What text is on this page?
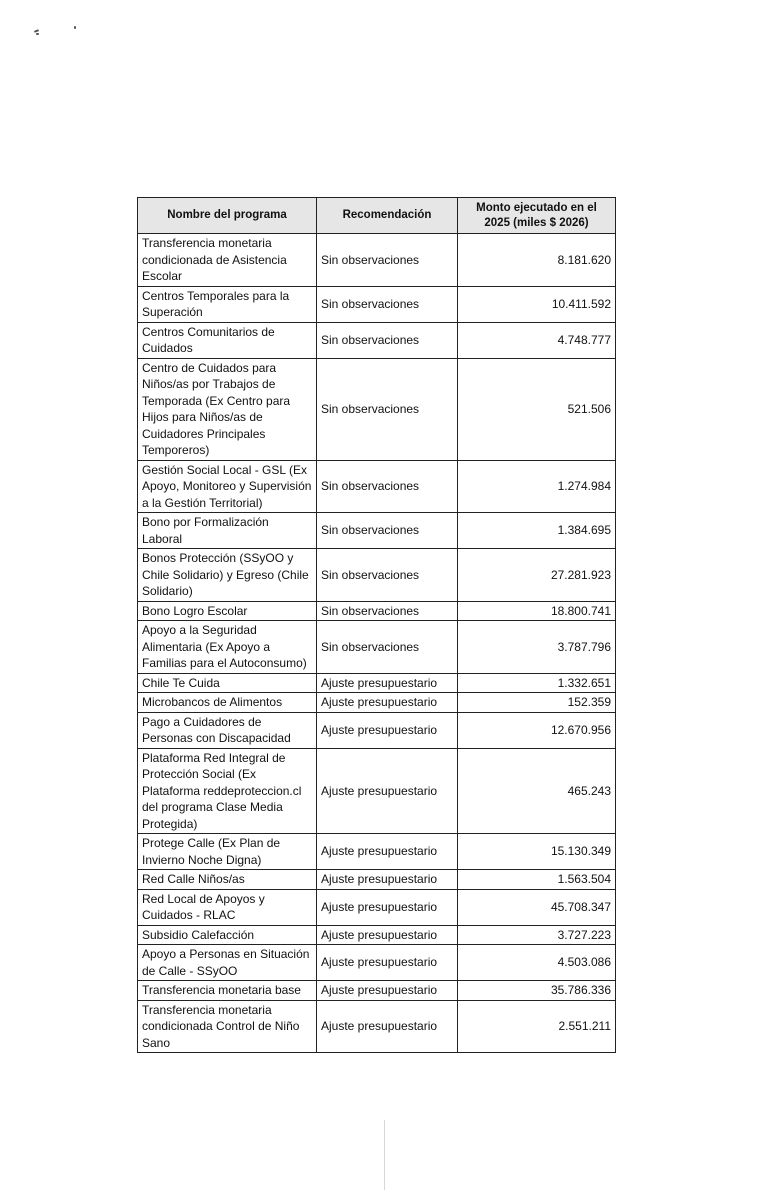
Nombre del programa	Recomendación	Monto ejecutado en el 2025 (miles $ 2026)
Transferencia monetaria condicionada de Asistencia Escolar	Sin observaciones	8.181.620
Centros Temporales para la Superación	Sin observaciones	10.411.592
Centros Comunitarios de Cuidados	Sin observaciones	4.748.777
Centro de Cuidados para Niños/as por Trabajos de Temporada (Ex Centro para Hijos para Niños/as de Cuidadores Principales Temporeros)	Sin observaciones	521.506
Gestión Social Local - GSL (Ex Apoyo, Monitoreo y Supervisión a la Gestión Territorial)	Sin observaciones	1.274.984
Bono por Formalización Laboral	Sin observaciones	1.384.695
Bonos Protección (SSyOO y Chile Solidario) y Egreso (Chile Solidario)	Sin observaciones	27.281.923
Bono Logro Escolar	Sin observaciones	18.800.741
Apoyo a la Seguridad Alimentaria (Ex Apoyo a Familias para el Autoconsumo)	Sin observaciones	3.787.796
Chile Te Cuida	Ajuste presupuestario	1.332.651
Microbancos de Alimentos	Ajuste presupuestario	152.359
Pago a Cuidadores de Personas con Discapacidad	Ajuste presupuestario	12.670.956
Plataforma Red Integral de Protección Social (Ex Plataforma reddeproteccion.cl del programa Clase Media Protegida)	Ajuste presupuestario	465.243
Protege Calle (Ex Plan de Invierno Noche Digna)	Ajuste presupuestario	15.130.349
Red Calle Niños/as	Ajuste presupuestario	1.563.504
Red Local de Apoyos y Cuidados - RLAC	Ajuste presupuestario	45.708.347
Subsidio Calefacción	Ajuste presupuestario	3.727.223
Apoyo a Personas en Situación de Calle - SSyOO	Ajuste presupuestario	4.503.086
Transferencia monetaria base	Ajuste presupuestario	35.786.336
Transferencia monetaria condicionada Control de Niño Sano	Ajuste presupuestario	2.551.211
